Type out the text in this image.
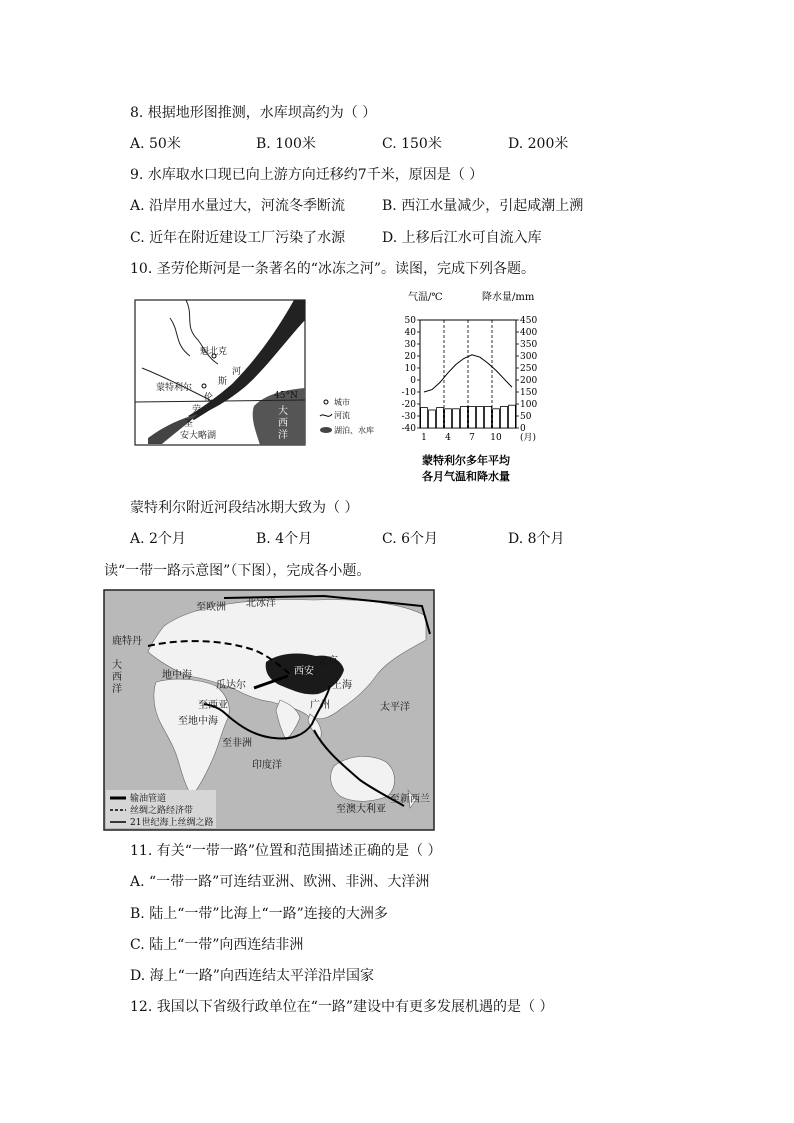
8. 根据地形图推测，水库坝高约为（ ）
A. 50米	B. 100米	C. 150米	D. 200米
9. 水库取水口现已向上游方向迁移约7千米，原因是（ ）
A. 沿岸用水量过大，河流冬季断流	B. 西江水量减少，引起咸潮上溯
C. 近年在附近建设工厂污染了水源	D. 上移后江水可自流入库
10. 圣劳伦斯河是一条著名的“冰冻之河”。读图，完成下列各题。
魁北克
河
斯
蒙特利尔
伦
劳
圣
安大略湖
45°N
大
西
洋
城市
河流
湖泊、水库
气温/℃	降水量/mm
50
40
30
20
10
0
-10
-20
-30
-40
450
400
350
300
250
200
150
100
50
0
1 4 7 10 (月)
蒙特利尔多年平均
各月气温和降水量
蒙特利尔附近河段结冰期大致为（ ）
A. 2个月	B. 4个月	C. 6个月	D. 8个月
读“一带一路示意图”（下图），完成各小题。
至欧洲 北冰洋
鹿特丹
大
西
洋
地中海
瓜达尔
至西亚
至地中海
至非洲
印度洋
广州	太平洋
至澳大利亚
至新西兰
西安
北京
上海
输油管道
丝绸之路经济带
21世纪海上丝绸之路
11. 有关“一带一路”位置和范围描述正确的是（ ）
A. “一带一路”可连结亚洲、欧洲、非洲、大洋洲
B. 陆上“一带”比海上“一路”连接的大洲多
C. 陆上“一带”向西连结非洲
D. 海上“一路”向西连结太平洋沿岸国家
12. 我国以下省级行政单位在“一路”建设中有更多发展机遇的是（ ）
